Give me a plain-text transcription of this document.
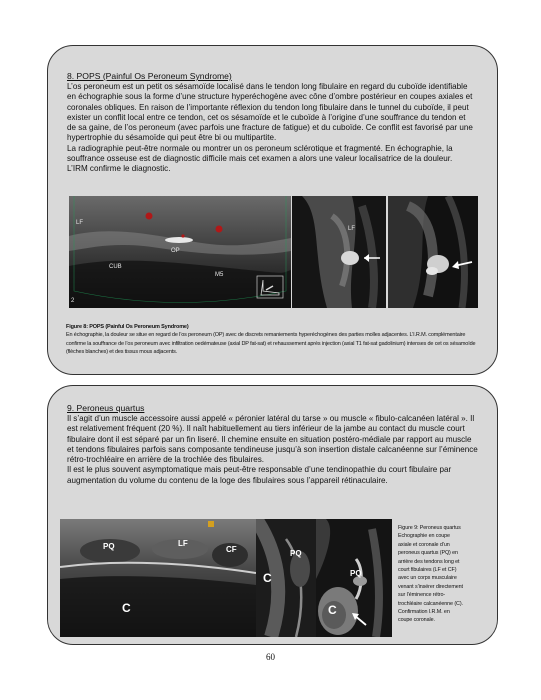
8. POPS (Painful Os Peroneum Syndrome)

L’os peroneum est un petit os sésamoïde localisé dans le tendon long fibulaire en regard du cuboïde identifiable en échographie sous la forme d’une structure hyperéchogène avec cône d’ombre postérieur en coupes axiales et coronales obliques. En raison de l’importante réflexion du tendon long fibulaire dans le tunnel du cuboïde, il peut exister un conflit local entre ce tendon, cet os sésamoïde et le cuboïde à l’origine d’une souffrance du tendon et de sa gaine, de l’os peroneum (avec parfois une fracture de fatigue) et du cuboïde. Ce conflit est favorisé par une hypertrophie du sésamoïde qui peut être bi ou multipartite.

La radiographie peut-être normale ou montrer un os peroneum sclérotique et fragmenté. En échographie, la souffrance osseuse est de diagnostic difficile mais cet examen a alors une valeur localisatrice de la douleur. L’IRM confirme le diagnostic.

LF
OP
CUB
M5
2
LF
Figure 8: POPS (Painful Os Peroneum Syndrome)
En échographie, la douleur se situe en regard de l’os peroneum (OP) avec de discrets remaniements hyperéchogènes des parties molles adjacentes. L’I.R.M. complémentaire confirme la souffrance de l’os peroneum avec infiltration oedémateuse (axial DP fat-sat) et rehaussement après injection (axial T1 fat-sat gadolinium) intenses de cet os sésamoïde (flèches blanches) et des tissus mous adjacents.
9. Peroneus quartus

Il s’agit d’un muscle accessoire aussi appelé « péronier latéral du tarse » ou muscle « fibulo-calcanéen latéral ». Il est relativement fréquent (20 %). Il naît habituellement au tiers inférieur de la jambe au contact du muscle court fibulaire dont il est séparé par un fin liseré. Il chemine ensuite en situation postéro-médiale par rapport au muscle et tendons fibulaires parfois sans composante tendineuse jusqu’à son insertion distale calcanéenne sur l’éminence rétro-trochléaire en arrière de la trochlée des fibulaires.

Il est le plus souvent asymptomatique mais peut-être responsable d’une tendinopathie du court fibulaire par augmentation du volume du contenu de la loge des fibulaires sous l’appareil rétinaculaire.

PQ	LF
CF
C
PQ
C	PQ
C
Figure 9: Peroneus quartus Echographie en coupe axiale et coronale d’un peroneus quartus (PQ) en arrière des tendons long et court fibulaires (LF et CF) avec un corps musculaire venant s’insérer directement sur l’éminence rétro-trochléaire calcanéenne (C). Confirmation I.R.M. en coupe coronale.
60
